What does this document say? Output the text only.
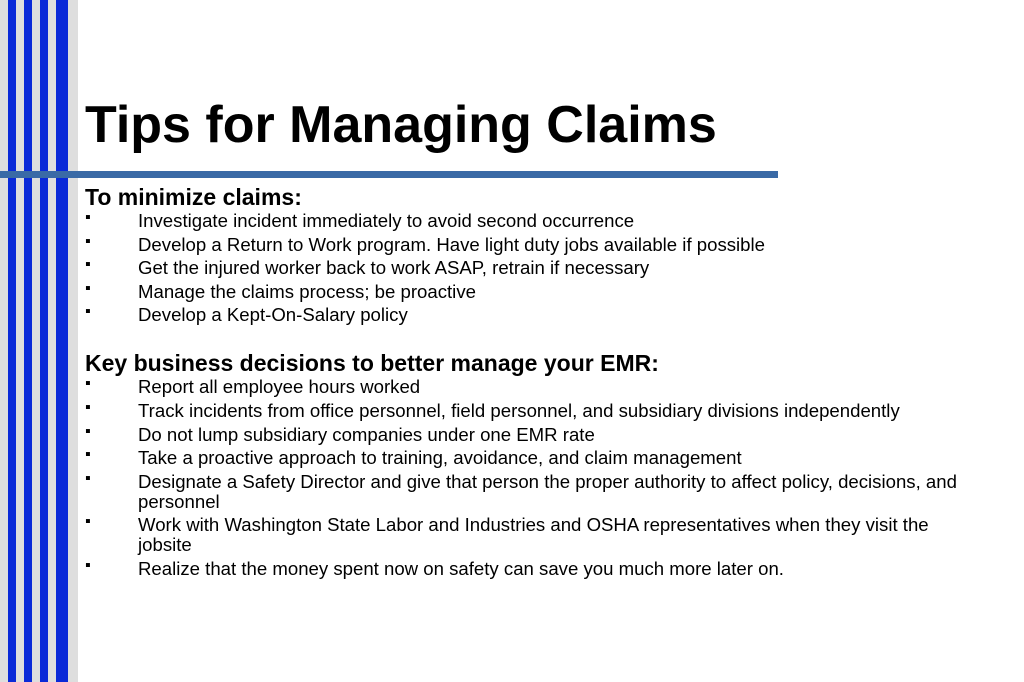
Tips for Managing Claims
To minimize claims:
▪	Investigate incident immediately to avoid second occurrence
▪	Develop a Return to Work program. Have light duty jobs available if possible
▪	Get the injured worker back to work ASAP, retrain if necessary
▪	Manage the claims process; be proactive
▪	Develop a Kept-On-Salary policy
Key business decisions to better manage your EMR:
▪	Report all employee hours worked
▪	Track incidents from office personnel, field personnel, and subsidiary divisions independently
▪	Do not lump subsidiary companies under one EMR rate
▪	Take a proactive approach to training, avoidance, and claim management
▪	Designate a Safety Director and give that person the proper authority to affect policy, decisions, and personnel
▪	Work with Washington State Labor and Industries and OSHA representatives when they visit the jobsite
▪	Realize that the money spent now on safety can save you much more later on.
